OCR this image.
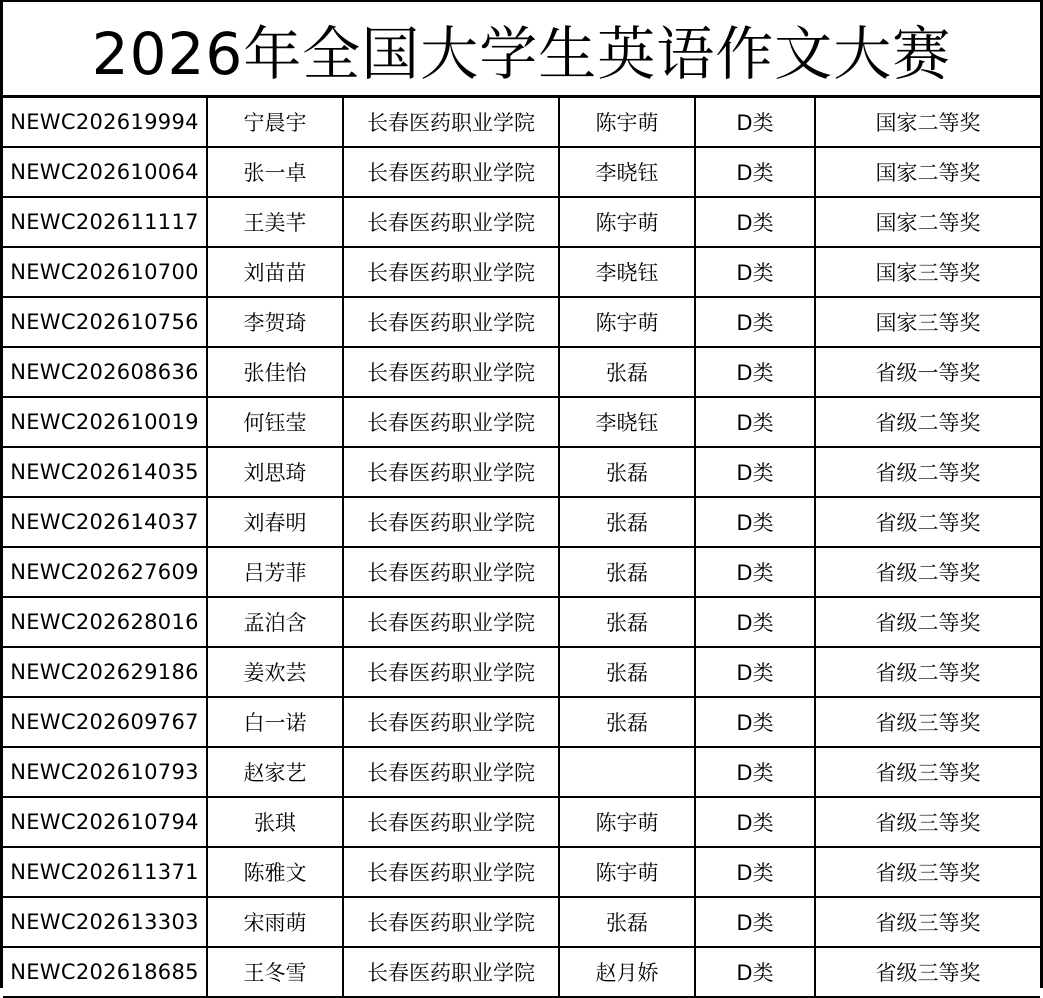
2026年全国大学生英语作文大赛
NEWC202619994	宁晨宇	长春医药职业学院	陈宇萌	D类	国家二等奖
NEWC202610064	张一卓	长春医药职业学院	李晓钰	D类	国家二等奖
NEWC202611117	王美芊	长春医药职业学院	陈宇萌	D类	国家二等奖
NEWC202610700	刘苗苗	长春医药职业学院	李晓钰	D类	国家三等奖
NEWC202610756	李贺琦	长春医药职业学院	陈宇萌	D类	国家三等奖
NEWC202608636	张佳怡	长春医药职业学院	张磊	D类	省级一等奖
NEWC202610019	何钰莹	长春医药职业学院	李晓钰	D类	省级二等奖
NEWC202614035	刘思琦	长春医药职业学院	张磊	D类	省级二等奖
NEWC202614037	刘春明	长春医药职业学院	张磊	D类	省级二等奖
NEWC202627609	吕芳菲	长春医药职业学院	张磊	D类	省级二等奖
NEWC202628016	孟泊含	长春医药职业学院	张磊	D类	省级二等奖
NEWC202629186	姜欢芸	长春医药职业学院	张磊	D类	省级二等奖
NEWC202609767	白一诺	长春医药职业学院	张磊	D类	省级三等奖
NEWC202610793	赵家艺	长春医药职业学院		D类	省级三等奖
NEWC202610794	张琪	长春医药职业学院	陈宇萌	D类	省级三等奖
NEWC202611371	陈雅文	长春医药职业学院	陈宇萌	D类	省级三等奖
NEWC202613303	宋雨萌	长春医药职业学院	张磊	D类	省级三等奖
NEWC202618685	王冬雪	长春医药职业学院	赵月娇	D类	省级三等奖
